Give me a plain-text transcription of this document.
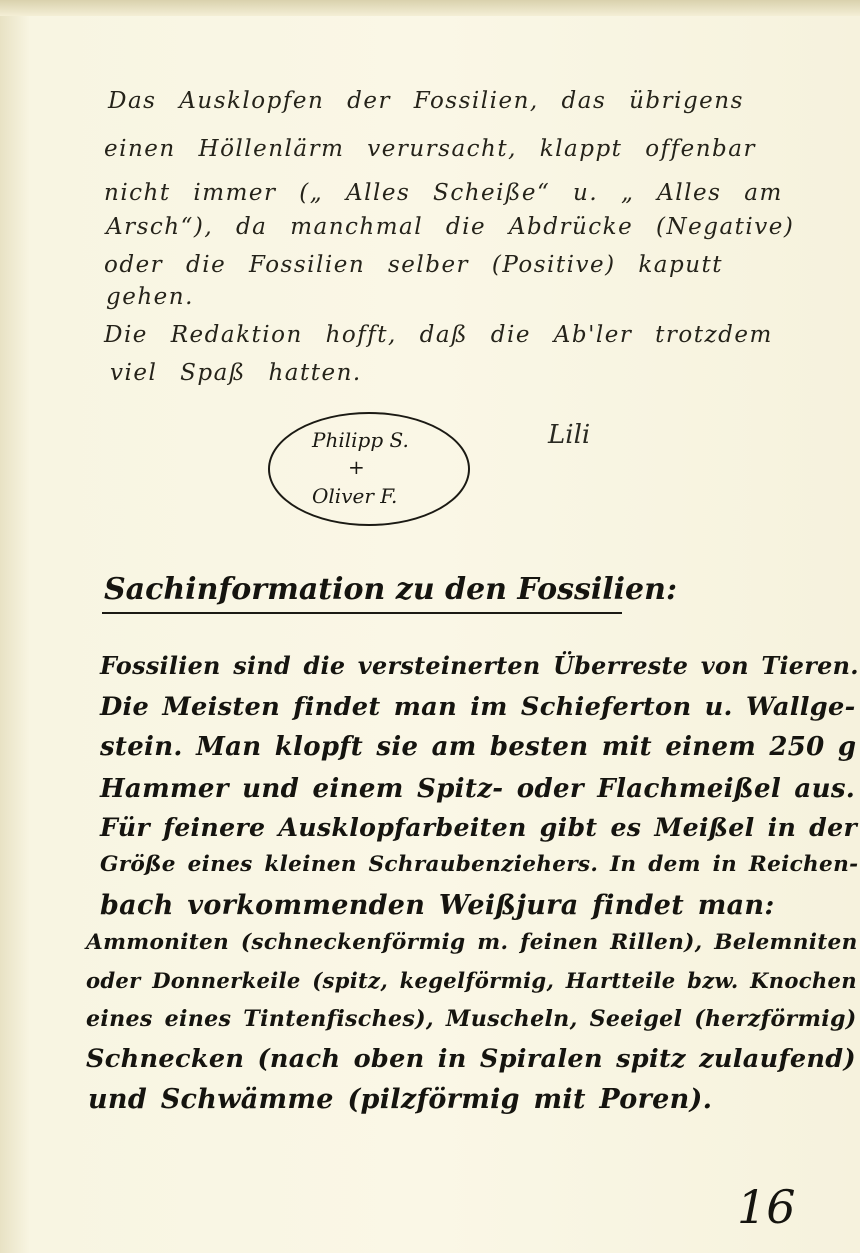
Das Ausklopfen der Fossilien, das übrigens
einen Höllenlärm verursacht, klappt offenbar
nicht immer („ Alles Scheiße“ u. „ Alles am
Arsch“), da manchmal die Abdrücke (Negative)
oder die Fossilien selber (Positive) kaputt
gehen.
Die Redaktion hofft, daß die Ab'ler trotzdem
viel Spaß hatten.
Philipp S.
+
Oliver F.
Lili
Sachinformation zu den Fossilien:
Fossilien sind die versteinerten Überreste von Tieren.
Die Meisten findet man im Schieferton u. Wallge-
stein. Man klopft sie am besten mit einem 250 g
Hammer und einem Spitz- oder Flachmeißel aus.
Für feinere Ausklopfarbeiten gibt es Meißel in der
Größe eines kleinen Schraubenziehers. In dem in Reichen-
bach vorkommenden Weißjura findet man:
Ammoniten (schneckenförmig m. feinen Rillen), Belemniten
oder Donnerkeile (spitz, kegelförmig, Hartteile bzw. Knochen
eines eines Tintenfisches), Muscheln, Seeigel (herzförmig)
Schnecken (nach oben in Spiralen spitz zulaufend)
und Schwämme (pilzförmig mit Poren).
16
